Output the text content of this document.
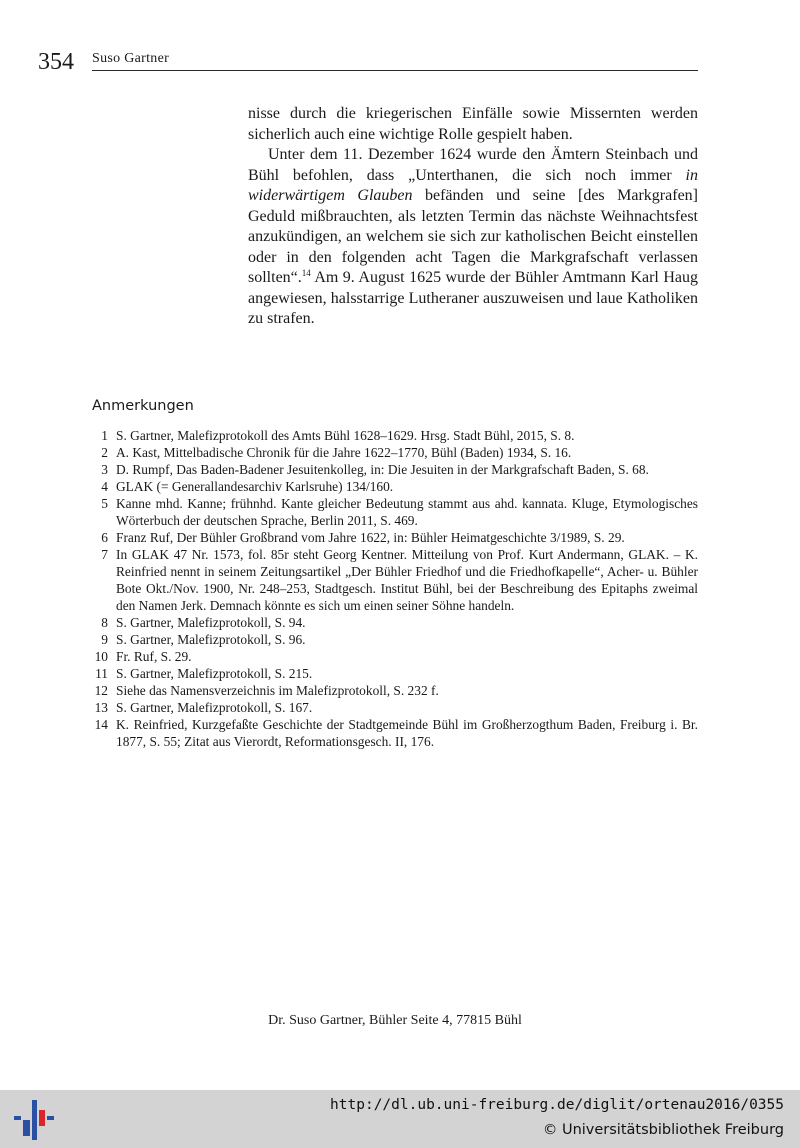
354 Suso Gartner

nisse durch die kriegerischen Einfälle sowie Missernten werden sicherlich auch eine wichtige Rolle gespielt haben.

Unter dem 11. Dezember 1624 wurde den Ämtern Steinbach und Bühl befohlen, dass „Unterthanen, die sich noch immer in widerwärtigem Glauben befänden und seine [des Markgrafen] Geduld mißbrauchten, als letzten Termin das nächste Weihnachtsfest anzukündigen, an welchem sie sich zur katholischen Beicht einstellen oder in den folgenden acht Tagen die Markgrafschaft verlassen sollten“.$^{14}$ Am 9. August 1625 wurde der Bühler Amtmann Karl Haug angewiesen, halsstarrige Lutheraner auszuweisen und laue Katholiken zu strafen.

Anmerkungen
1 S. Gartner, Malefizprotokoll des Amts Bühl 1628–1629. Hrsg. Stadt Bühl, 2015, S. 8.
2 A. Kast, Mittelbadische Chronik für die Jahre 1622–1770, Bühl (Baden) 1934, S. 16.
3 D. Rumpf, Das Baden-Badener Jesuitenkolleg, in: Die Jesuiten in der Markgrafschaft Baden, S. 68.
4 GLAK (= Generallandesarchiv Karlsruhe) 134/160.
5 Kanne mhd. Kanne; frühnhd. Kante gleicher Bedeutung stammt aus ahd. kannata. Kluge, Etymologisches Wörterbuch der deutschen Sprache, Berlin 2011, S. 469.
6 Franz Ruf, Der Bühler Großbrand vom Jahre 1622, in: Bühler Heimatgeschichte 3/1989, S. 29.
7 In GLAK 47 Nr. 1573, fol. 85r steht Georg Kentner. Mitteilung von Prof. Kurt Andermann, GLAK. – K. Reinfried nennt in seinem Zeitungsartikel „Der Bühler Friedhof und die Friedhofkapelle“, Acher- u. Bühler Bote Okt./Nov. 1900, Nr. 248–253, Stadtgesch. Institut Bühl, bei der Beschreibung des Epitaphs zweimal den Namen Jerk. Demnach könnte es sich um einen seiner Söhne handeln.
8 S. Gartner, Malefizprotokoll, S. 94.
9 S. Gartner, Malefizprotokoll, S. 96.
10 Fr. Ruf, S. 29.
11 S. Gartner, Malefizprotokoll, S. 215.
12 Siehe das Namensverzeichnis im Malefizprotokoll, S. 232 f.
13 S. Gartner, Malefizprotokoll, S. 167.
14 K. Reinfried, Kurzgefaßte Geschichte der Stadtgemeinde Bühl im Großherzogthum Baden, Freiburg i. Br. 1877, S. 55; Zitat aus Vierordt, Reformationsgesch. II, 176.
Dr. Suso Gartner, Bühler Seite 4, 77815 Bühl
http://dl.ub.uni-freiburg.de/diglit/ortenau2016/0355
© Universitätsbibliothek Freiburg
